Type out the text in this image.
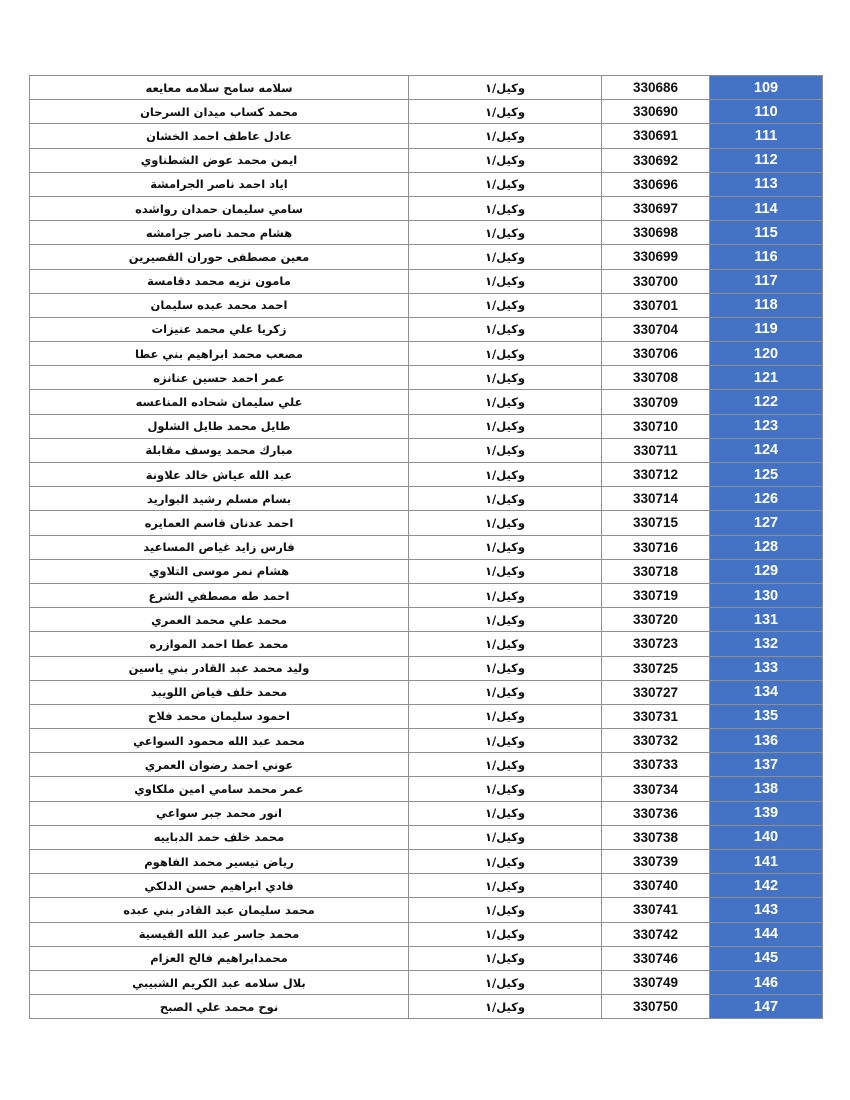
سلامه سامح سلامه معايعه	وكيل/١	330686	109
محمد كساب ميدان السرحان	وكيل/١	330690	110
عادل عاطف احمد الخشان	وكيل/١	330691	111
ايمن محمد عوض الشطناوي	وكيل/١	330692	112
اياد احمد ناصر الجرامشة	وكيل/١	330696	113
سامي سليمان حمدان رواشده	وكيل/١	330697	114
هشام محمد ناصر جرامشه	وكيل/١	330698	115
معين مصطفى حوران القصيرين	وكيل/١	330699	116
مامون نزيه محمد دقامسة	وكيل/١	330700	117
احمد محمد عبده سليمان	وكيل/١	330701	118
زكريا علي محمد عنيزات	وكيل/١	330704	119
مصعب محمد ابراهيم بني عطا	وكيل/١	330706	120
عمر احمد حسين عنانزه	وكيل/١	330708	121
علي سليمان شحاده المناعسه	وكيل/١	330709	122
طايل محمد طايل الشلول	وكيل/١	330710	123
مبارك محمد يوسف مقابلة	وكيل/١	330711	124
عبد الله عياش خالد علاونة	وكيل/١	330712	125
بسام مسلم رشيد البواريد	وكيل/١	330714	126
احمد عدنان قاسم العمايره	وكيل/١	330715	127
فارس زايد غياص المساعيد	وكيل/١	330716	128
هشام نمر موسى التلاوي	وكيل/١	330718	129
احمد طه مصطفي الشرع	وكيل/١	330719	130
محمد علي محمد العمري	وكيل/١	330720	131
محمد عطا احمد الموازره	وكيل/١	330723	132
وليد محمد عبد القادر بني ياسين	وكيل/١	330725	133
محمد خلف فياض اللويبد	وكيل/١	330727	134
احمود سليمان محمد فلاح	وكيل/١	330731	135
محمد عبد الله محمود السواعي	وكيل/١	330732	136
عوني احمد رضوان العمري	وكيل/١	330733	137
عمر محمد سامي امين ملكاوي	وكيل/١	330734	138
انور محمد جبر سواعي	وكيل/١	330736	139
محمد خلف حمد الدباييه	وكيل/١	330738	140
رياض تيسير محمد الفاهوم	وكيل/١	330739	141
فادي ابراهيم حسن الدلكي	وكيل/١	330740	142
محمد سليمان عبد القادر بني عبده	وكيل/١	330741	143
محمد جاسر عبد الله القيسية	وكيل/١	330742	144
محمدابراهيم فالح العزام	وكيل/١	330746	145
بلال سلامه عبد الكريم الشبيبي	وكيل/١	330749	146
نوح محمد علي الصبح	وكيل/١	330750	147
